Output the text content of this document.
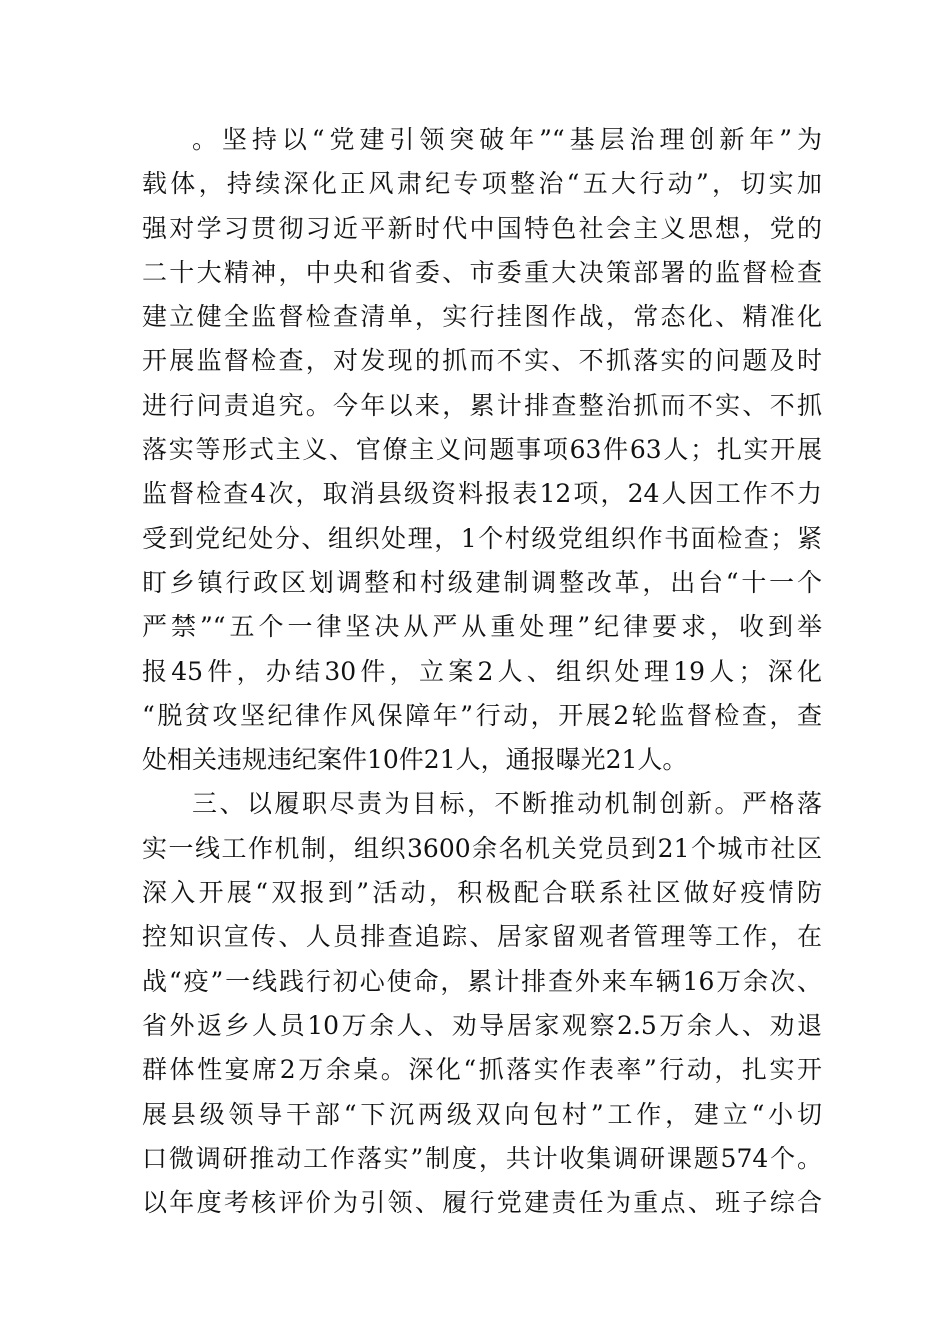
。坚持以“党建引领突破年”“基层治理创新年”为
载体，持续深化正风肃纪专项整治“五大行动”，切实加
强对学习贯彻习近平新时代中国特色社会主义思想，党的
二十大精神，中央和省委、市委重大决策部署的监督检查
建立健全监督检查清单，实行挂图作战，常态化、精准化
开展监督检查，对发现的抓而不实、不抓落实的问题及时
进行问责追究。今年以来，累计排查整治抓而不实、不抓
落实等形式主义、官僚主义问题事项63件63人；扎实开展
监督检查4次，取消县级资料报表12项，24人因工作不力
受到党纪处分、组织处理，1个村级党组织作书面检查；紧
盯乡镇行政区划调整和村级建制调整改革，出台“十一个
严禁”“五个一律坚决从严从重处理”纪律要求，收到举
报45件，办结30件，立案2人、组织处理19人；深化
“脱贫攻坚纪律作风保障年”行动，开展2轮监督检查，查
处相关违规违纪案件10件21人，通报曝光21人。
三、以履职尽责为目标，不断推动机制创新。严格落
实一线工作机制，组织3600余名机关党员到21个城市社区
深入开展“双报到”活动，积极配合联系社区做好疫情防
控知识宣传、人员排查追踪、居家留观者管理等工作，在
战“疫”一线践行初心使命，累计排查外来车辆16万余次、
省外返乡人员10万余人、劝导居家观察2.5万余人、劝退
群体性宴席2万余桌。深化“抓落实作表率”行动，扎实开
展县级领导干部“下沉两级双向包村”工作，建立“小切
口微调研推动工作落实”制度，共计收集调研课题574个。
以年度考核评价为引领、履行党建责任为重点、班子综合
